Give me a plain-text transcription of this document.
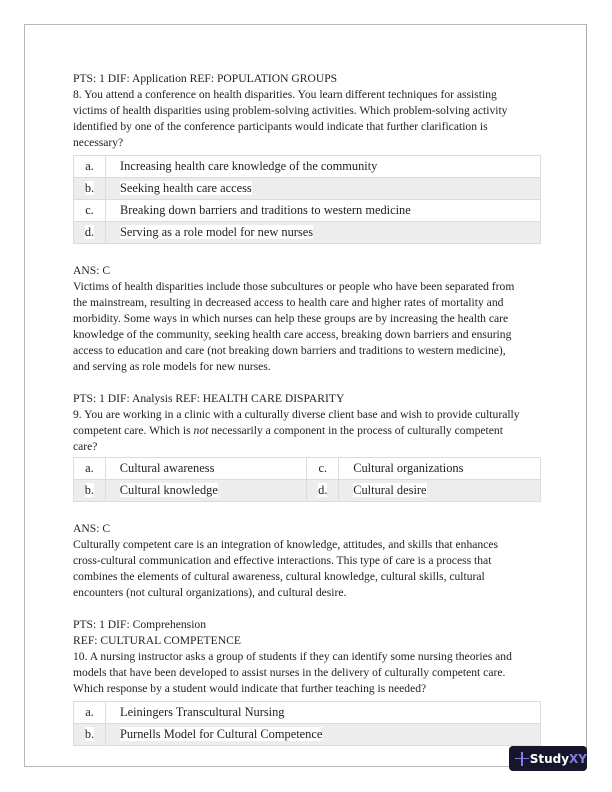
PTS: 1 DIF: Application REF: POPULATION GROUPS
8. You attend a conference on health disparities. You learn different techniques for assisting
victims of health disparities using problem-solving activities. Which problem-solving activity
identified by one of the conference participants would indicate that further clarification is
necessary?
a.	Increasing health care knowledge of the community
b.	Seeking health care access
c.	Breaking down barriers and traditions to western medicine
d.	Serving as a role model for new nurses
ANS: C
Victims of health disparities include those subcultures or people who have been separated from
the mainstream, resulting in decreased access to health care and higher rates of mortality and
morbidity. Some ways in which nurses can help these groups are by increasing the health care
knowledge of the community, seeking health care access, breaking down barriers and ensuring
access to education and care (not breaking down barriers and traditions to western medicine),
and serving as role models for new nurses.
PTS: 1 DIF: Analysis REF: HEALTH CARE DISPARITY
9. You are working in a clinic with a culturally diverse client base and wish to provide culturally
competent care. Which is not necessarily a component in the process of culturally competent
care?
a.	Cultural awareness	c.	Cultural organizations
b.	Cultural knowledge	d.	Cultural desire
ANS: C
Culturally competent care is an integration of knowledge, attitudes, and skills that enhances
cross-cultural communication and effective interactions. This type of care is a process that
combines the elements of cultural awareness, cultural knowledge, cultural skills, cultural
encounters (not cultural organizations), and cultural desire.
PTS: 1 DIF: Comprehension
REF: CULTURAL COMPETENCE
10. A nursing instructor asks a group of students if they can identify some nursing theories and
models that have been developed to assist nurses in the delivery of culturally competent care.
Which response by a student would indicate that further teaching is needed?
a.	Leiningers Transcultural Nursing
b.	Purnells Model for Cultural Competence
StudyXY
